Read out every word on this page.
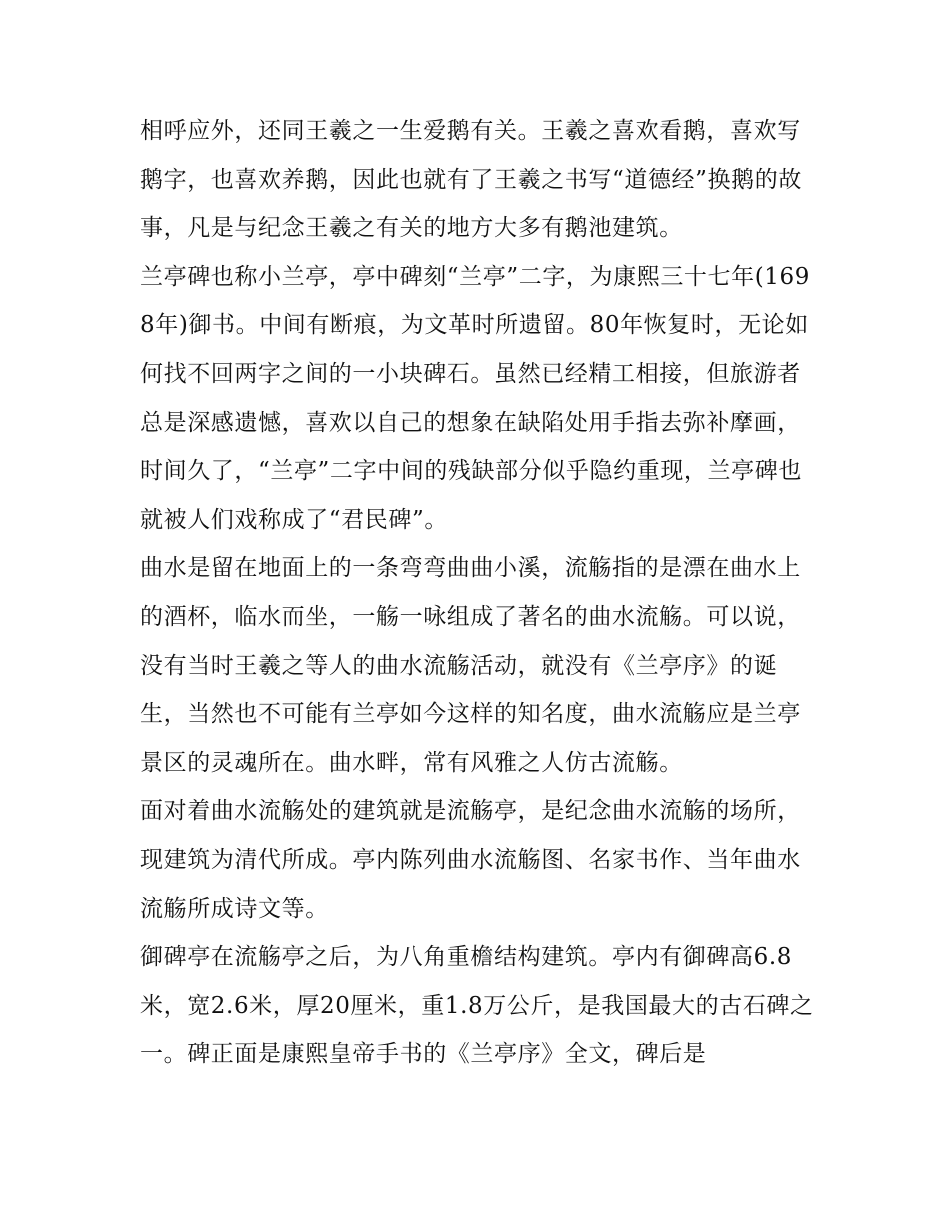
相呼应外，还同王羲之一生爱鹅有关。王羲之喜欢看鹅，喜欢写鹅字，也喜欢养鹅，因此也就有了王羲之书写“道德经”换鹅的故事，凡是与纪念王羲之有关的地方大多有鹅池建筑。

兰亭碑也称小兰亭，亭中碑刻“兰亭”二字，为康熙三十七年(1698年)御书。中间有断痕，为文革时所遗留。80年恢复时，无论如何找不回两字之间的一小块碑石。虽然已经精工相接，但旅游者总是深感遗憾，喜欢以自己的想象在缺陷处用手指去弥补摩画，时间久了，“兰亭”二字中间的残缺部分似乎隐约重现，兰亭碑也就被人们戏称成了“君民碑”。

曲水是留在地面上的一条弯弯曲曲小溪，流觞指的是漂在曲水上的酒杯，临水而坐，一觞一咏组成了著名的曲水流觞。可以说，没有当时王羲之等人的曲水流觞活动，就没有《兰亭序》的诞生，当然也不可能有兰亭如今这样的知名度，曲水流觞应是兰亭景区的灵魂所在。曲水畔，常有风雅之人仿古流觞。

面对着曲水流觞处的建筑就是流觞亭，是纪念曲水流觞的场所，现建筑为清代所成。亭内陈列曲水流觞图、名家书作、当年曲水流觞所成诗文等。

御碑亭在流觞亭之后，为八角重檐结构建筑。亭内有御碑高6.8米，宽2.6米，厚20厘米，重1.8万公斤，是我国最大的古石碑之一。碑正面是康熙皇帝手书的《兰亭序》全文，碑后是
